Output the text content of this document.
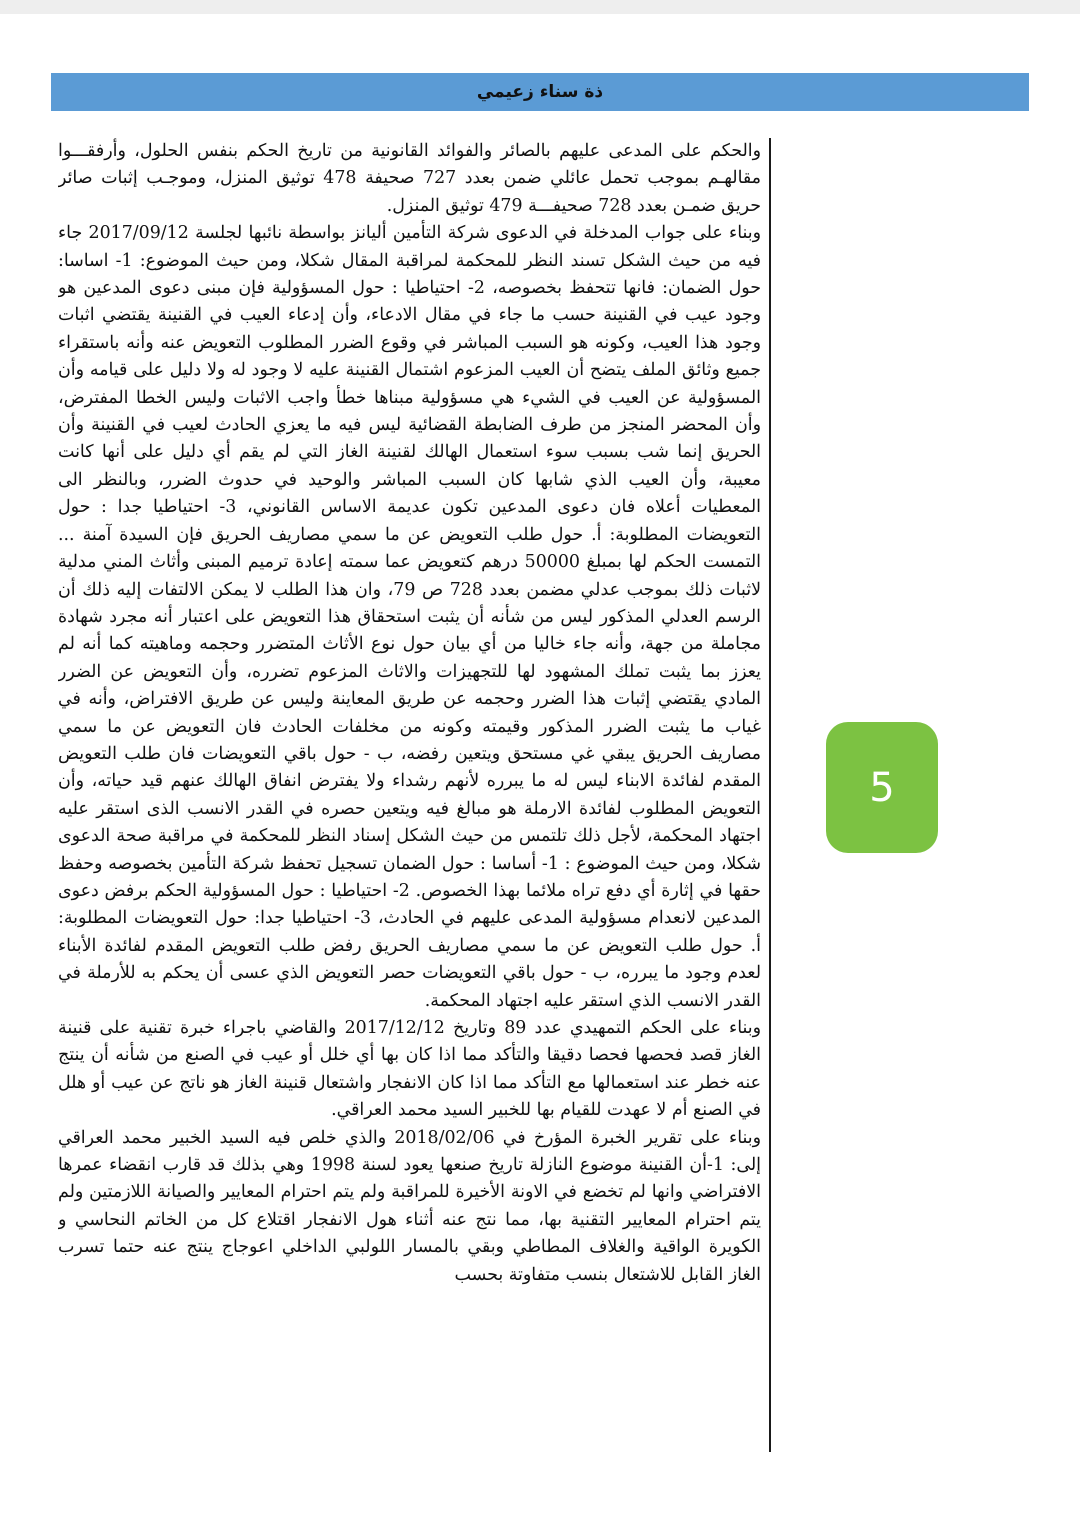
ذة سناء زعيمي

والحكم على المدعى عليهم بالصائر والفوائد القانونية من تاريخ الحكم بنفس الحلول، وأرفقـــوا مقالهـم بموجب تحمل عائلي ضمن بعدد 727 صحيفة 478 توثيق المنزل، وموجـب إثبات صائر حريق ضمـن بعدد 728 صحيفـــة 479 توثيق المنزل.

وبناء على جواب المدخلة في الدعوى شركة التأمين أليانز بواسطة نائبها لجلسة 2017/09/12 جاء فيه من حيث الشكل تسند النظر للمحكمة لمراقبة المقال شكلا، ومن حيث الموضوع: 1- اساسا: حول الضمان: فانها تتحفظ بخصوصه، 2- احتياطيا : حول المسؤولية فإن مبنى دعوى المدعين هو وجود عيب في القنينة حسب ما جاء في مقال الادعاء، وأن إدعاء العيب في القنينة يقتضي اثبات وجود هذا العيب، وكونه هو السبب المباشر في وقوع الضرر المطلوب التعويض عنه وأنه باستقراء جميع وثائق الملف يتضح أن العيب المزعوم اشتمال القنينة عليه لا وجود له ولا دليل على قيامه وأن المسؤولية عن العيب في الشيء هي مسؤولية مبناها خطأ واجب الاثبات وليس الخطا المفترض، وأن المحضر المنجز من طرف الضابطة القضائية ليس فيه ما يعزي الحادث لعيب في القنينة وأن الحريق إنما شب بسبب سوء استعمال الهالك لقنينة الغاز التي لم يقم أي دليل على أنها كانت معيبة، وأن العيب الذي شابها كان السبب المباشر والوحيد في حدوث الضرر، وبالنظر الى المعطيات أعلاه فان دعوى المدعين تكون عديمة الاساس القانوني، 3- احتياطيا جدا : حول التعويضات المطلوبة: أ. حول طلب التعويض عن ما سمي مصاريف الحريق فإن السيدة آمنة ... التمست الحكم لها بمبلغ 50000 درهم كتعويض عما سمته إعادة ترميم المبنى وأثاث المني مدلية لاثبات ذلك بموجب عدلي مضمن بعدد 728 ص 79، وان هذا الطلب لا يمكن الالتفات إليه ذلك أن الرسم العدلي المذكور ليس من شأنه أن يثبت استحقاق هذا التعويض على اعتبار أنه مجرد شهادة مجاملة من جهة، وأنه جاء خاليا من أي بيان حول نوع الأثاث المتضرر وحجمه وماهيته كما أنه لم يعزز بما يثبت تملك المشهود لها للتجهيزات والاثاث المزعوم تضرره، وأن التعويض عن الضرر المادي يقتضي إثبات هذا الضرر وحجمه عن طريق المعاينة وليس عن طريق الافتراض، وأنه في غياب ما يثبت الضرر المذكور وقيمته وكونه من مخلفات الحادث فان التعويض عن ما سمي مصاريف الحريق يبقي غي مستحق ويتعين رفضه، ب - حول باقي التعويضات فان طلب التعويض المقدم لفائدة الابناء ليس له ما يبرره لأنهم رشداء ولا يفترض انفاق الهالك عنهم قيد حياته، وأن التعويض المطلوب لفائدة الارملة هو مبالغ فيه ويتعين حصره في القدر الانسب الذى استقر عليه اجتهاد المحكمة، لأجل ذلك تلتمس من حيث الشكل إسناد النظر للمحكمة في مراقبة صحة الدعوى شكلا، ومن حيث الموضوع : 1- أساسا : حول الضمان تسجيل تحفظ شركة التأمين بخصوصه وحفظ حقها في إثارة أي دفع تراه ملائما بهذا الخصوص. 2- احتياطيا : حول المسؤولية الحكم برفض دعوى المدعين لانعدام مسؤولية المدعى عليهم في الحادث، 3- احتياطيا جدا: حول التعويضات المطلوبة: أ. حول طلب التعويض عن ما سمي مصاريف الحريق رفض طلب التعويض المقدم لفائدة الأبناء لعدم وجود ما يبرره، ب - حول باقي التعويضات حصر التعويض الذي عسى أن يحكم به للأرملة في القدر الانسب الذي استقر عليه اجتهاد المحكمة.

وبناء على الحكم التمهيدي عدد 89 وتاريخ 2017/12/12 والقاضي باجراء خبرة تقنية على قنينة الغاز قصد فحصها فحصا دقيقا والتأكد مما اذا كان بها أي خلل أو عيب في الصنع من شأنه أن ينتج عنه خطر عند استعمالها مع التأكد مما اذا كان الانفجار واشتعال قنينة الغاز هو ناتج عن عيب أو هلل في الصنع أم لا عهدت للقيام بها للخبير السيد محمد العراقي.

وبناء على تقرير الخبرة المؤرخ في 2018/02/06 والذي خلص فيه السيد الخبير محمد العراقي إلى: 1-أن القنينة موضوع النازلة تاريخ صنعها يعود لسنة 1998 وهي بذلك قد قارب انقضاء عمرها الافتراضي وانها لم تخضع في الاونة الأخيرة للمراقبة ولم يتم احترام المعايير والصيانة اللازمتين ولم يتم احترام المعايير التقنية بها، مما نتج عنه أثناء هول الانفجار اقتلاع كل من الخاتم النحاسي و الكويرة الواقية والغلاف المطاطي وبقي بالمسار اللولبي الداخلي اعوجاج ينتج عنه حتما تسرب الغاز القابل للاشتعال بنسب متفاوتة بحسب

5
